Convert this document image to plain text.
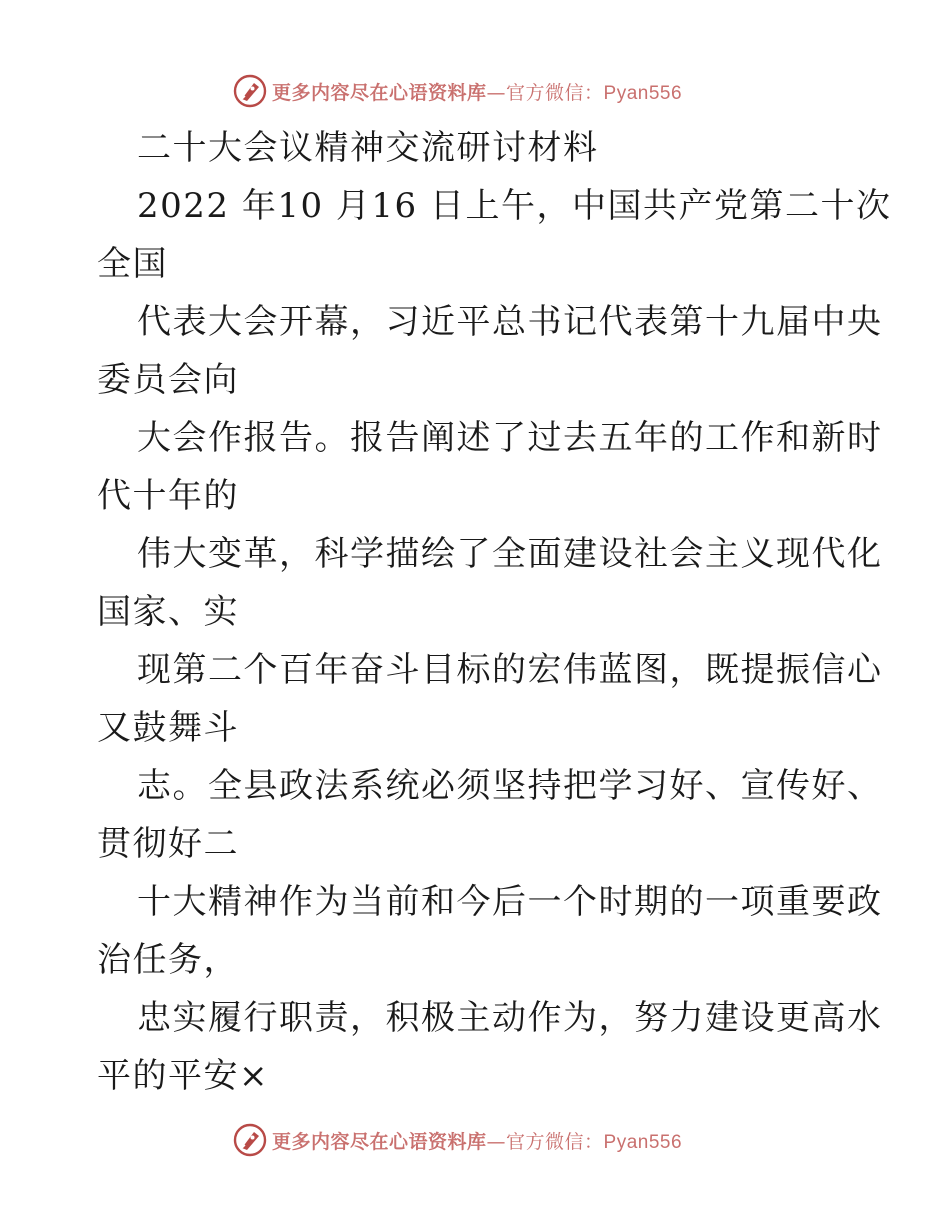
更多内容尽在心语资料库—官方微信：Pyan556
二十大会议精神交流研讨材料
2022 年10 月16 日上午，中国共产党第二十次
全国
代表大会开幕，习近平总书记代表第十九届中央
委员会向
大会作报告。报告阐述了过去五年的工作和新时
代十年的
伟大变革，科学描绘了全面建设社会主义现代化
国家、实
现第二个百年奋斗目标的宏伟蓝图，既提振信心
又鼓舞斗
志。全县政法系统必须坚持把学习好、宣传好、
贯彻好二
十大精神作为当前和今后一个时期的一项重要政
治任务，
忠实履行职责，积极主动作为，努力建设更高水
平的平安×
更多内容尽在心语资料库—官方微信：Pyan556
